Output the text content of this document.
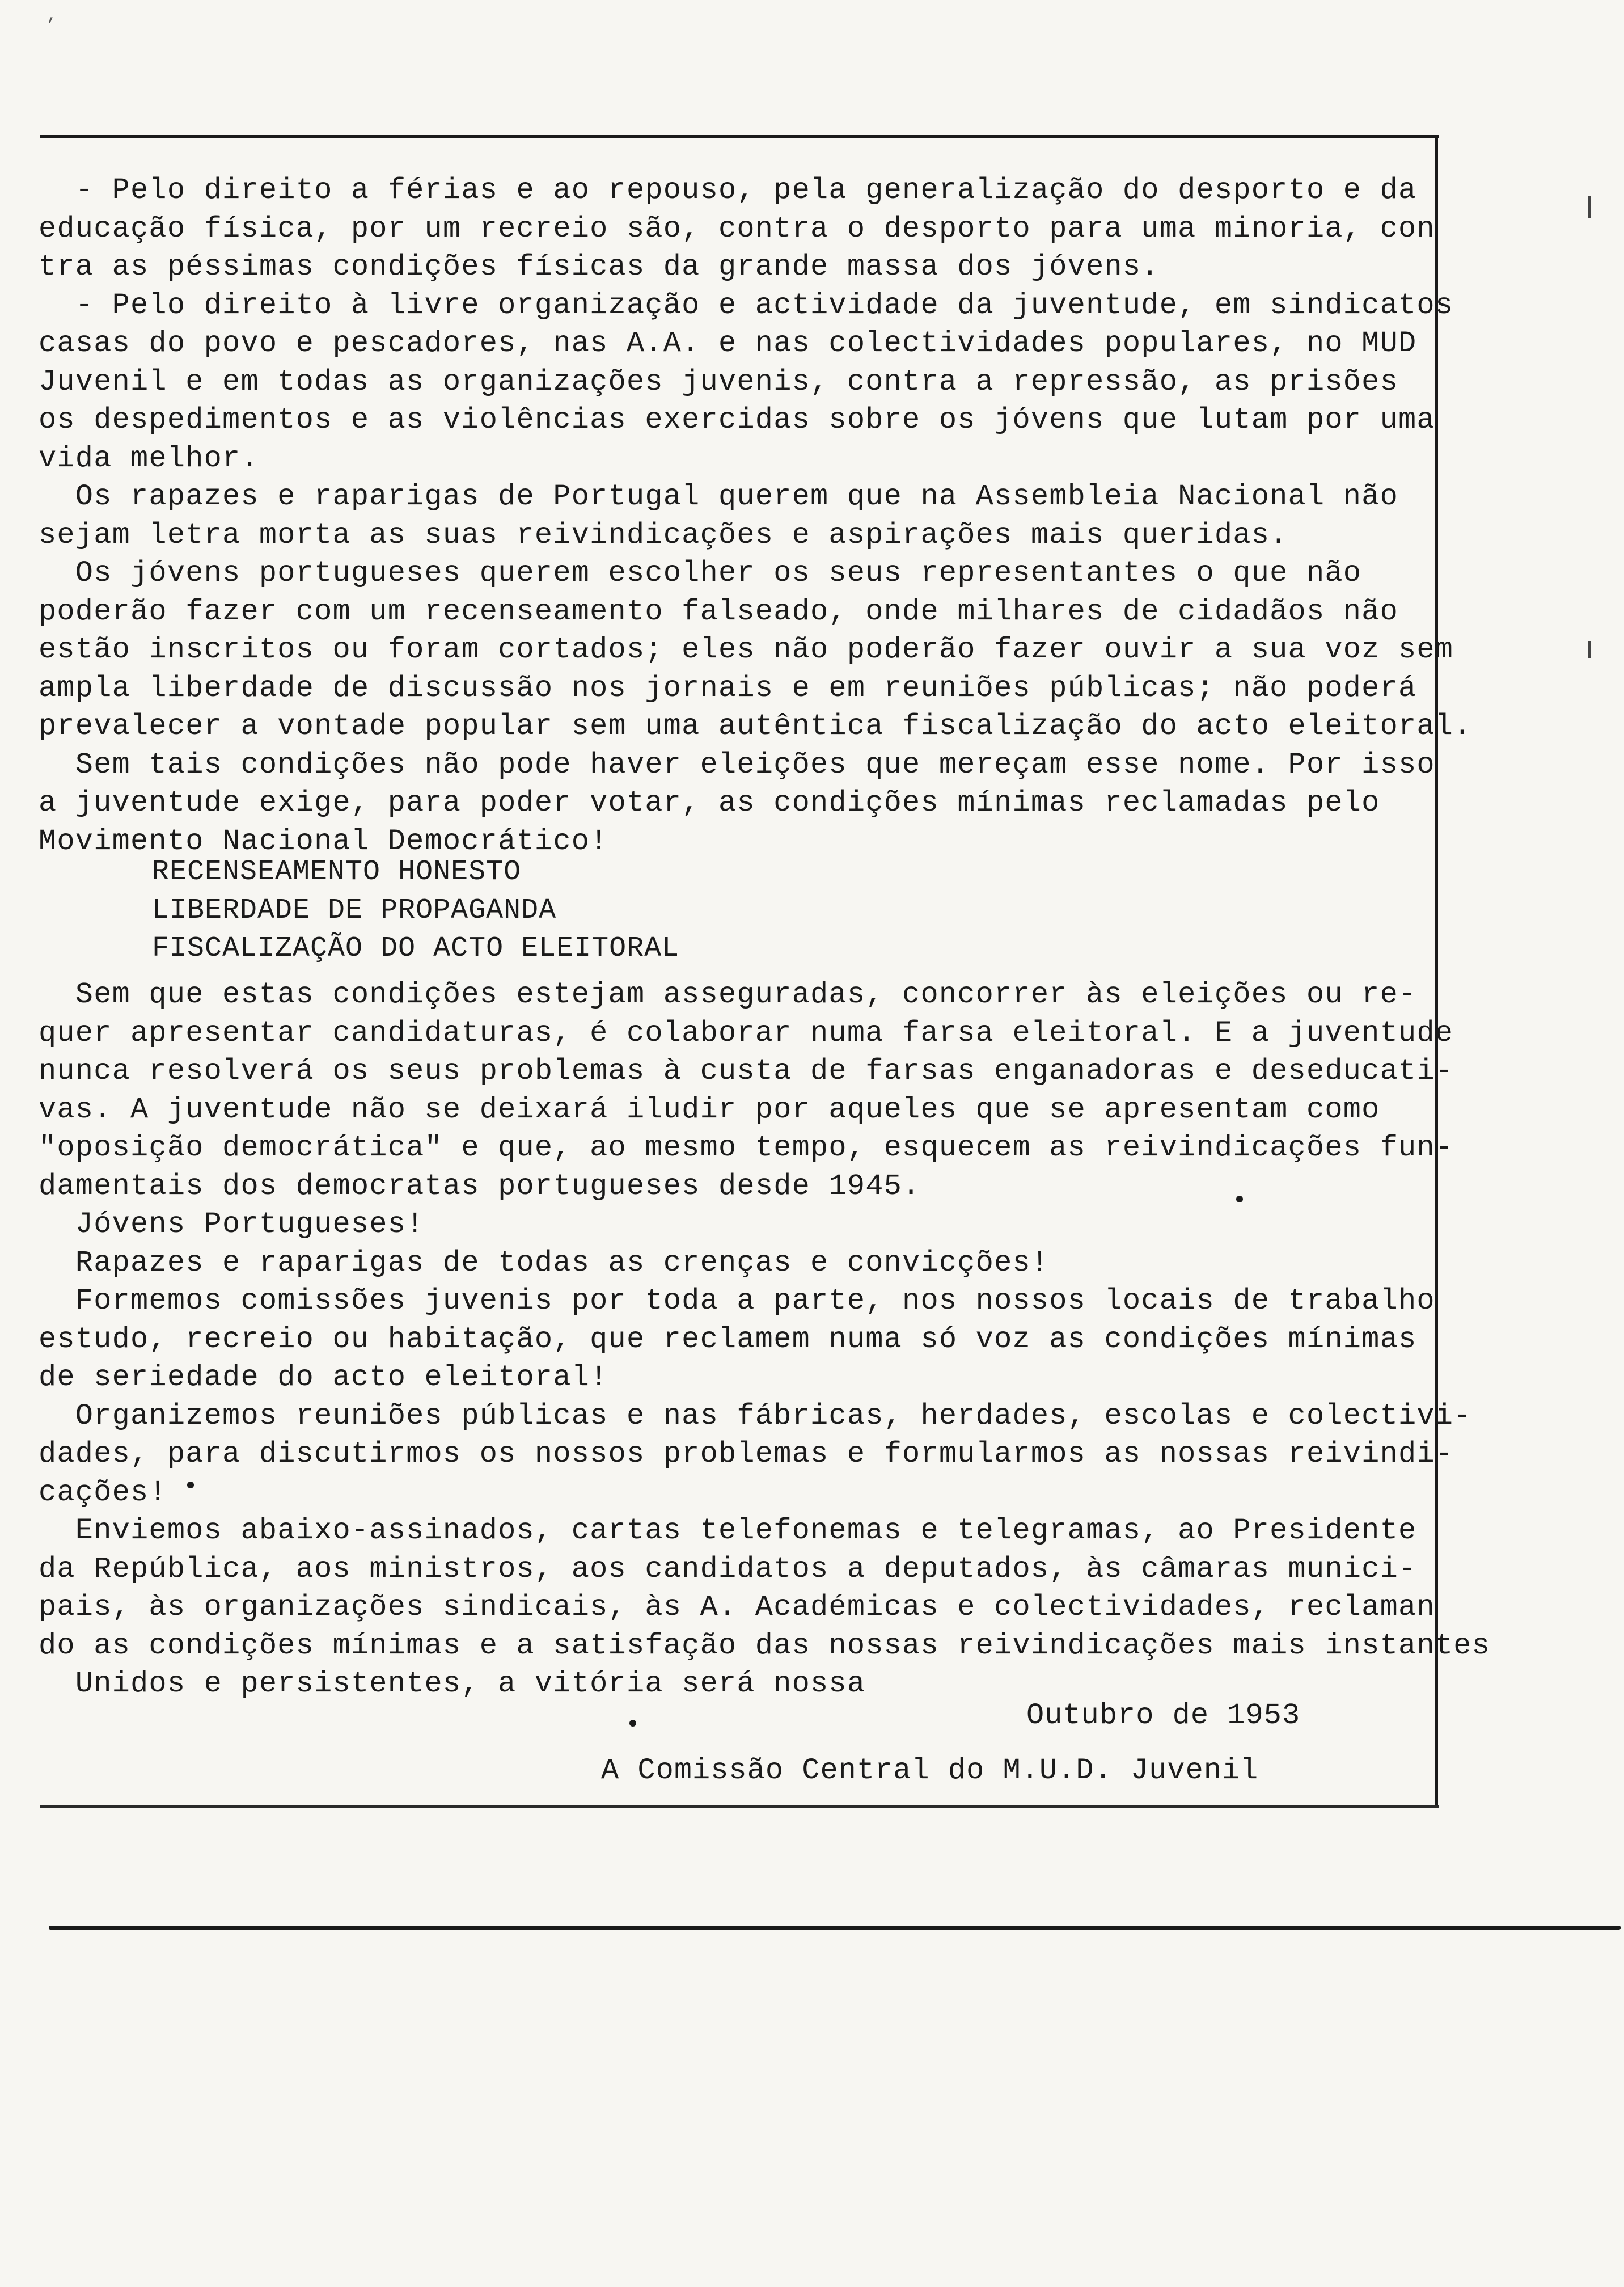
,
- Pelo direito a férias e ao repouso, pela generalização do desporto e da
educação física, por um recreio são, contra o desporto para uma minoria, con
tra as péssimas condições físicas da grande massa dos jóvens.
- Pelo direito à livre organização e actividade da juventude, em sindicatos
casas do povo e pescadores, nas A.A. e nas colectividades populares, no MUD
Juvenil e em todas as organizações juvenis, contra a repressão, as prisões
os despedimentos e as violências exercidas sobre os jóvens que lutam por uma
vida melhor.
Os rapazes e raparigas de Portugal querem que na Assembleia Nacional não
sejam letra morta as suas reivindicações e aspirações mais queridas.
Os jóvens portugueses querem escolher os seus representantes o que não
poderão fazer com um recenseamento falseado, onde milhares de cidadãos não
estão inscritos ou foram cortados; eles não poderão fazer ouvir a sua voz sem
ampla liberdade de discussão nos jornais e em reuniões públicas; não poderá
prevalecer a vontade popular sem uma autêntica fiscalização do acto eleitoral.
Sem tais condições não pode haver eleições que mereçam esse nome. Por isso
a juventude exige, para poder votar, as condições mínimas reclamadas pelo
Movimento Nacional Democrático!
RECENSEAMENTO HONESTO
LIBERDADE DE PROPAGANDA
FISCALIZAÇÃO DO ACTO ELEITORAL
Sem que estas condições estejam asseguradas, concorrer às eleições ou re-
quer apresentar candidaturas, é colaborar numa farsa eleitoral. E a juventude
nunca resolverá os seus problemas à custa de farsas enganadoras e deseducati-
vas. A juventude não se deixará iludir por aqueles que se apresentam como
"oposição democrática" e que, ao mesmo tempo, esquecem as reivindicações fun-
damentais dos democratas portugueses desde 1945.
Jóvens Portugueses!
Rapazes e raparigas de todas as crenças e convicções!
Formemos comissões juvenis por toda a parte, nos nossos locais de trabalho
estudo, recreio ou habitação, que reclamem numa só voz as condições mínimas
de seriedade do acto eleitoral!
Organizemos reuniões públicas e nas fábricas, herdades, escolas e colectivi-
dades, para discutirmos os nossos problemas e formularmos as nossas reivindi-
cações!
Enviemos abaixo-assinados, cartas telefonemas e telegramas, ao Presidente
da República, aos ministros, aos candidatos a deputados, às câmaras munici-
pais, às organizações sindicais, às A. Académicas e colectividades, reclaman
do as condições mínimas e a satisfação das nossas reivindicações mais instantes
Unidos e persistentes, a vitória será nossa
Outubro de 1953
A Comissão Central do M.U.D. Juvenil
